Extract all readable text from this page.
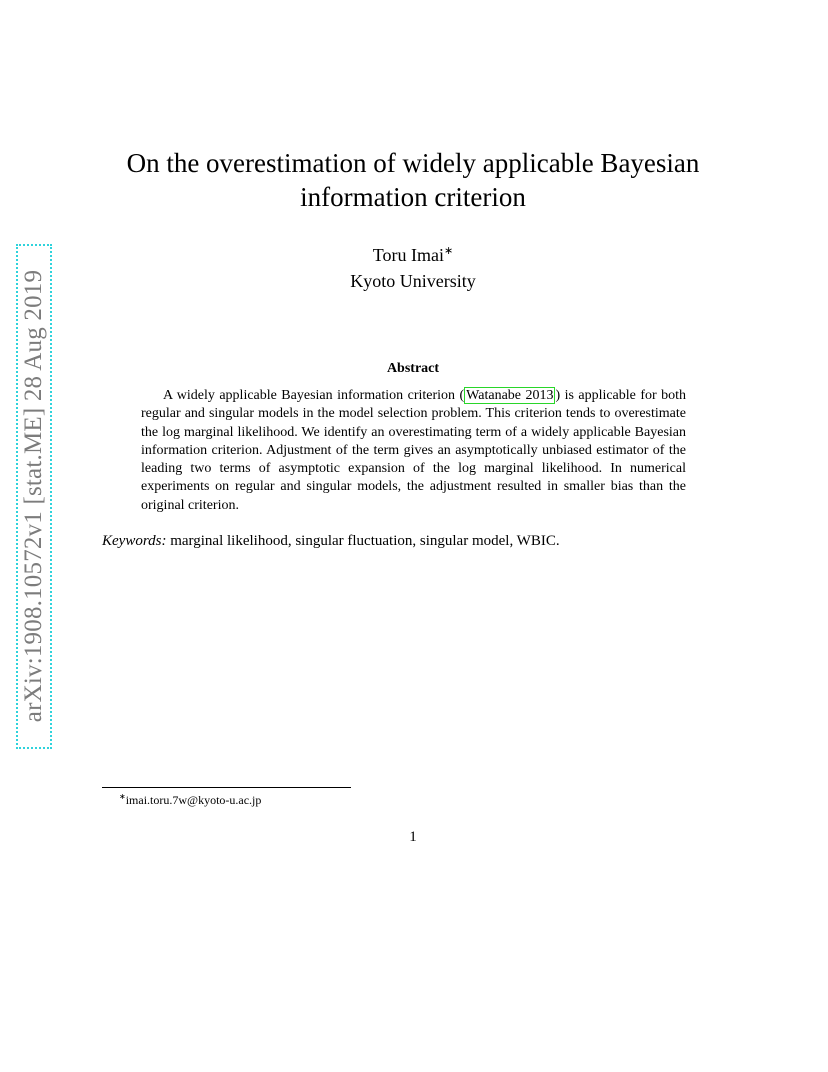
arXiv:1908.10572v1 [stat.ME] 28 Aug 2019
On the overestimation of widely applicable Bayesian
information criterion
Toru Imai∗
Kyoto University
Abstract
A widely applicable Bayesian information criterion ( Watanabe 2013 ) is applicable for both regular and singular models in the model selection problem. This criterion tends to overestimate the log marginal likelihood. We identify an overestimating term of a widely applicable Bayesian information criterion. Adjustment of the term gives an asymptotically unbiased estimator of the leading two terms of asymptotic expansion of the log marginal likelihood. In numerical experiments on regular and singular models, the adjustment resulted in smaller bias than the original criterion.
Keywords: marginal likelihood, singular fluctuation, singular model, WBIC.
∗imai.toru.7w@kyoto-u.ac.jp
1
